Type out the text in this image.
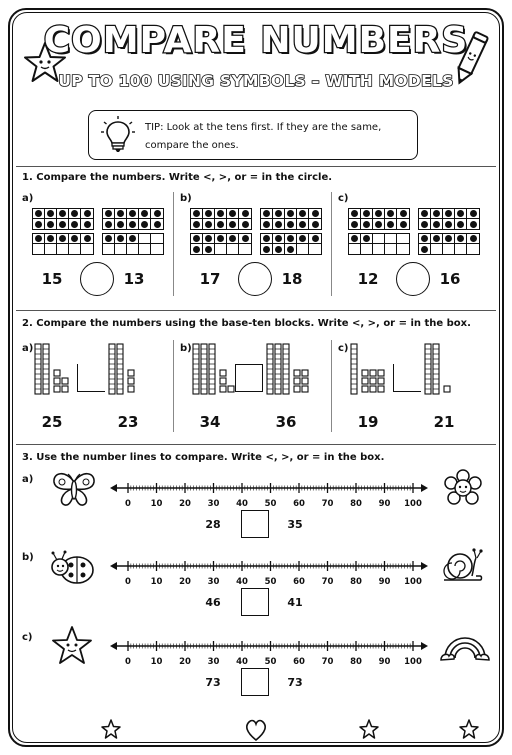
COMPARE NUMBERS
UP TO 100 USING SYMBOLS – WITH MODELS
TIP: Look at the tens first. If they are the same, compare the ones.
1. Compare the numbers. Write <, >, or = in the circle.
2. Compare the numbers using the base-ten blocks. Write <, >, or = in the box.
3. Use the number lines to compare. Write <, >, or = in the box.
a)
15	13
b)
17	18
c)
12	16
a)
25	23
b)
34	36
c)
19	21
a)
0 10 20 30 40 50 60 70 80 90 100
28	35
b)
0 10 20 30 40 50 60 70 80 90 100
46	41
c)
0 10 20 30 40 50 60 70 80 90 100
73	73
